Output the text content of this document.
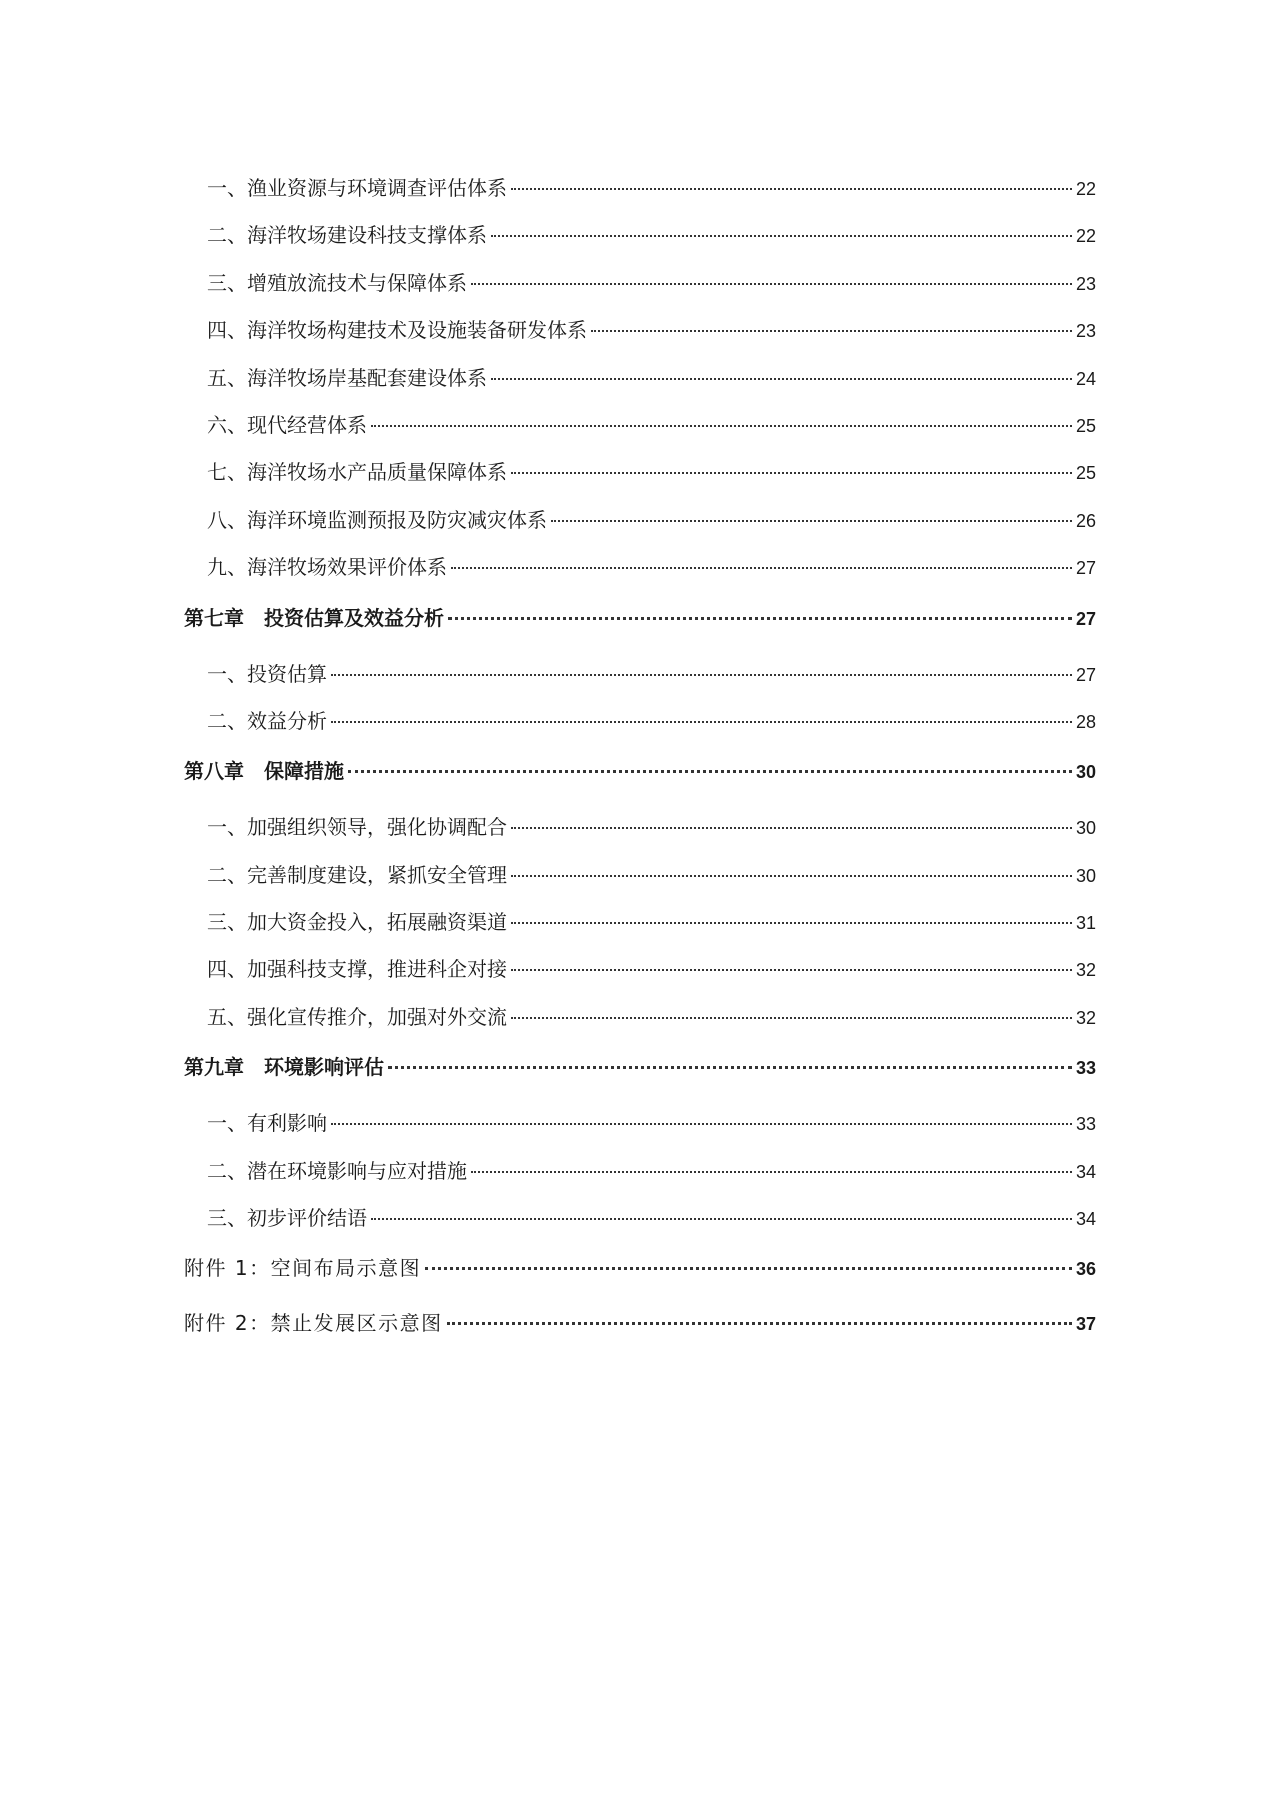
一、渔业资源与环境调查评估体系	22
二、海洋牧场建设科技支撑体系	22
三、增殖放流技术与保障体系	23
四、海洋牧场构建技术及设施装备研发体系	23
五、海洋牧场岸基配套建设体系	24
六、现代经营体系	25
七、海洋牧场水产品质量保障体系	25
八、海洋环境监测预报及防灾减灾体系	26
九、海洋牧场效果评价体系	27
第七章　投资估算及效益分析	27
一、投资估算	27
二、效益分析	28
第八章　保障措施	30
一、加强组织领导，强化协调配合	30
二、完善制度建设，紧抓安全管理	30
三、加大资金投入，拓展融资渠道	31
四、加强科技支撑，推进科企对接	32
五、强化宣传推介，加强对外交流	32
第九章　环境影响评估	33
一、有利影响	33
二、潜在环境影响与应对措施	34
三、初步评价结语	34
附件 1：空间布局示意图	36
附件 2：禁止发展区示意图	37
